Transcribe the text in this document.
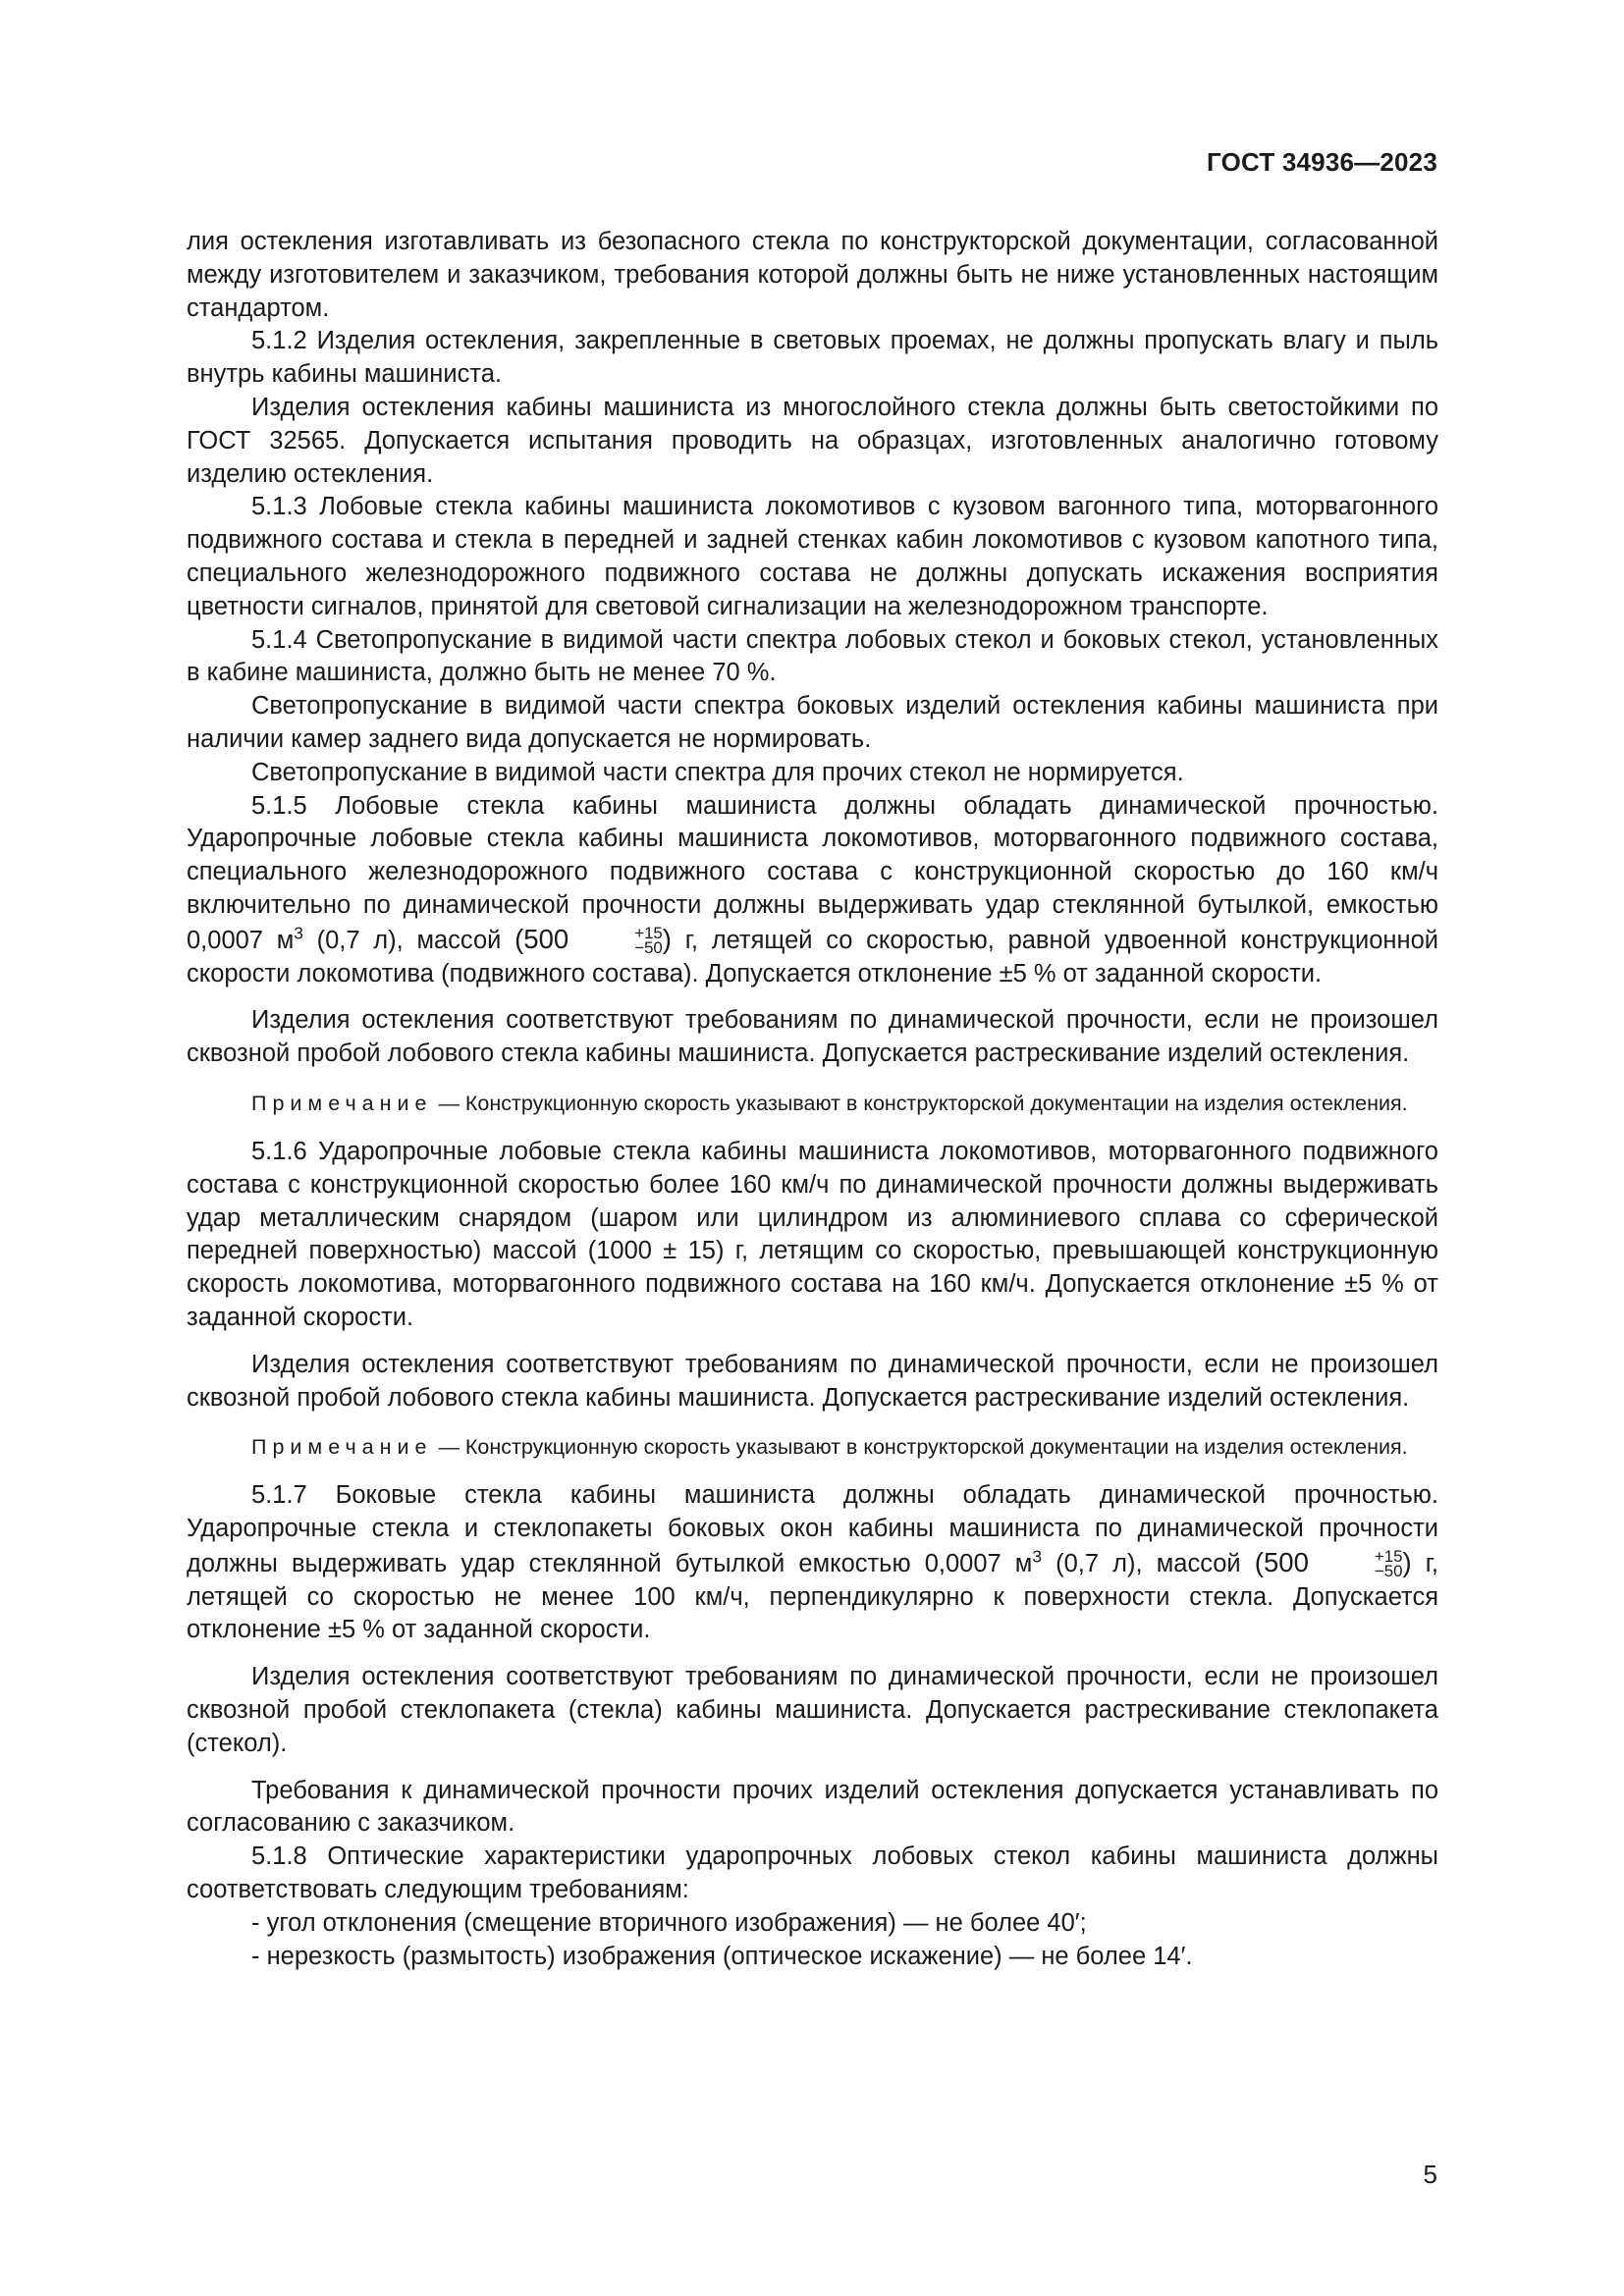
ГОСТ 34936—2023

лия остекления изготавливать из безопасного стекла по конструкторской документации, согласованной между изготовителем и заказчиком, требования которой должны быть не ниже установленных настоящим стандартом.

5.1.2 Изделия остекления, закрепленные в световых проемах, не должны пропускать влагу и пыль внутрь кабины машиниста.

Изделия остекления кабины машиниста из многослойного стекла должны быть светостойкими по ГОСТ 32565. Допускается испытания проводить на образцах, изготовленных аналогично готовому изделию остекления.

5.1.3 Лобовые стекла кабины машиниста локомотивов с кузовом вагонного типа, моторвагонного подвижного состава и стекла в передней и задней стенках кабин локомотивов с кузовом капотного типа, специального железнодорожного подвижного состава не должны допускать искажения восприятия цветности сигналов, принятой для световой сигнализации на железнодорожном транспорте.

5.1.4 Светопропускание в видимой части спектра лобовых стекол и боковых стекол, установленных в кабине машиниста, должно быть не менее 70 %.

Светопропускание в видимой части спектра боковых изделий остекления кабины машиниста при наличии камер заднего вида допускается не нормировать.

Светопропускание в видимой части спектра для прочих стекол не нормируется.

5.1.5 Лобовые стекла кабины машиниста должны обладать динамической прочностью. Ударопрочные лобовые стекла кабины машиниста локомотивов, моторвагонного подвижного состава, специального железнодорожного подвижного состава с конструкционной скоростью до 160 км/ч включительно по динамической прочности должны выдерживать удар стеклянной бутылкой, емкостью 0,0007 $м^3$ (0,7 л), массой (500	+15
−50 ) г, летящей со скоростью, равной удвоенной конструкционной скорости локомотива (подвижного состава). Допускается отклонение ±5 % от заданной скорости.

Изделия остекления соответствуют требованиям по динамической прочности, если не произошел сквозной пробой лобового стекла кабины машиниста. Допускается растрескивание изделий остекления.

Примечание — Конструкционную скорость указывают в конструкторской документации на изделия остекления.

5.1.6 Ударопрочные лобовые стекла кабины машиниста локомотивов, моторвагонного подвижного состава с конструкционной скоростью более 160 км/ч по динамической прочности должны выдерживать удар металлическим снарядом (шаром или цилиндром из алюминиевого сплава со сферической передней поверхностью) массой (1000 ± 15) г, летящим со скоростью, превышающей конструкционную скорость локомотива, моторвагонного подвижного состава на 160 км/ч. Допускается отклонение ±5 % от заданной скорости.

Изделия остекления соответствуют требованиям по динамической прочности, если не произошел сквозной пробой лобового стекла кабины машиниста. Допускается растрескивание изделий остекления.

Примечание — Конструкционную скорость указывают в конструкторской документации на изделия остекления.

5.1.7 Боковые стекла кабины машиниста должны обладать динамической прочностью. Ударопрочные стекла и стеклопакеты боковых окон кабины машиниста по динамической прочности должны выдерживать удар стеклянной бутылкой емкостью 0,0007 $м^3$ (0,7 л), массой (500	+15
−50 ) г, летящей со скоростью не менее 100 км/ч, перпендикулярно к поверхности стекла. Допускается отклонение ±5 % от заданной скорости.

Изделия остекления соответствуют требованиям по динамической прочности, если не произошел сквозной пробой стеклопакета (стекла) кабины машиниста. Допускается растрескивание стеклопакета (стекол).

Требования к динамической прочности прочих изделий остекления допускается устанавливать по согласованию с заказчиком.

5.1.8 Оптические характеристики ударопрочных лобовых стекол кабины машиниста должны соответствовать следующим требованиям:

- угол отклонения (смещение вторичного изображения) — не более 40′;

- нерезкость (размытость) изображения (оптическое искажение) — не более 14′.

5
